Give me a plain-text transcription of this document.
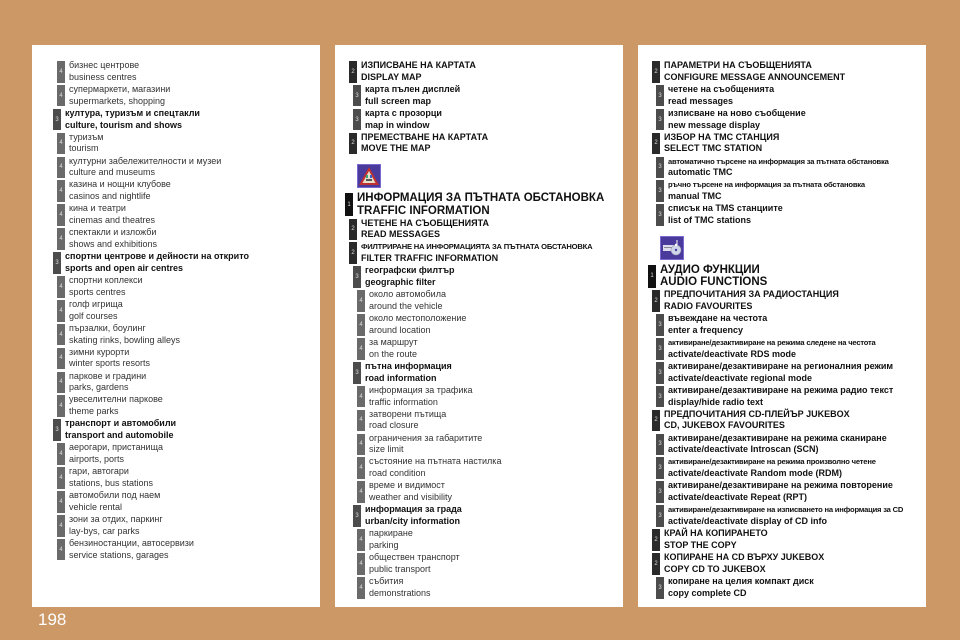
198
4
бизнес центрове
business centres
4
супермаркети, магазини
supermarkets, shopping
3
култура, туризъм и спецтакли
culture, tourism and shows
4
туризъм
tourism
4
културни забележителности и музеи
culture and museums
4
казина и нощни клубове
casinos and nightlife
4
кина и театри
cinemas and theatres
4
спектакли и изложби
shows and exhibitions
3
спортни центрове и дейности на открито
sports and open air centres
4
спортни коплекси
sports centres
4
голф игрища
golf courses
4
пързалки, боулинг
skating rinks, bowling alleys
4
зимни курорти
winter sports resorts
4
паркове и градини
parks, gardens
4
увеселителни паркове
theme parks
3
транспорт и автомобили
transport and automobile
4
аерогари, пристанища
airports, ports
4
гари, автогари
stations, bus stations
4
автомобили под наем
vehicle rental
4
зони за отдих, паркинг
lay-bys, car parks
4
бензиностанции, автосервизи
service stations, garages
2
ИЗПИСВАНЕ НА КАРТАТА
DISPLAY MAP
3
карта пълен дисплей
full screen map
3
карта с прозорци
map in window
2
ПРЕМЕСТВАНЕ НА КАРТАТА
MOVE THE MAP
1
ИНФОРМАЦИЯ ЗА ПЪТНАТА ОБСТАНОВКА
TRAFFIC INFORMATION
2
ЧЕТЕНЕ НА СЪОБЩЕНИЯТА
READ MESSAGES
2
ФИЛТРИРАНЕ НА ИНФОРМАЦИЯТА ЗА ПЪТНАТА ОБСТАНОВКА
FILTER TRAFFIC INFORMATION
3
географски филтър
geographic filter
4
около автомобила
around the vehicle
4
около местоположение
around location
4
за маршрут
on the route
3
пътна информация
road information
4
информация за трафика
traffic information
4
затворени пътища
road closure
4
ограничения за габаритите
size limit
4
състояние на пътната настилка
road condition
4
време и видимост
weather and visibility
3
информация за града
urban/city information
4
паркиране
parking
4
обществен транспорт
public transport
4
събития
demonstrations
2
ПАРАМЕТРИ НА СЪОБЩЕНИЯТА
CONFIGURE MESSAGE ANNOUNCEMENT
3
четене на съобщенията
read messages
3
изписване на ново съобщение
new message display
2
ИЗБОР НА TMC СТАНЦИЯ
SELECT TMC STATION
3
автоматично търсене на информация за пътната обстановка
automatic TMC
3
ръчно търсене на информация за пътната обстановка
manual TMC
3
списък на TMS станциите
list of TMC stations
1
АУДИО ФУНКЦИИ
AUDIO FUNCTIONS
2
ПРЕДПОЧИТАНИЯ ЗА РАДИОСТАНЦИЯ
RADIO FAVOURITES
3
въвеждане на честота
enter a frequency
3
активиране/дезактивиране на режима следене на честота
activate/deactivate RDS mode
3
активиране/дезактивиране на регионалния режим
activate/deactivate regional mode
3
активиране/дезактивиране на режима радио текст
display/hide radio text
2
ПРЕДПОЧИТАНИЯ CD-ПЛЕЙЪР JUKEBOX
CD, JUKEBOX FAVOURITES
3
активиране/дезактивиране на режима сканиране
activate/deactivate Introscan (SCN)
3
активиране/дезактивиране на режима произволно четене
activate/deactivate Random mode (RDM)
3
активиране/дезактивиране на режима повторение
activate/deactivate Repeat (RPT)
3
активиране/дезактивиране на изписването на информация за CD
activate/deactivate display of CD info
2
КРАЙ НА КОПИРАНЕТО
STOP THE COPY
2
КОПИРАНЕ НА CD ВЪРХУ JUKEBOX
COPY CD TO JUKEBOX
3
копиране на целия компакт диск
copy complete CD
